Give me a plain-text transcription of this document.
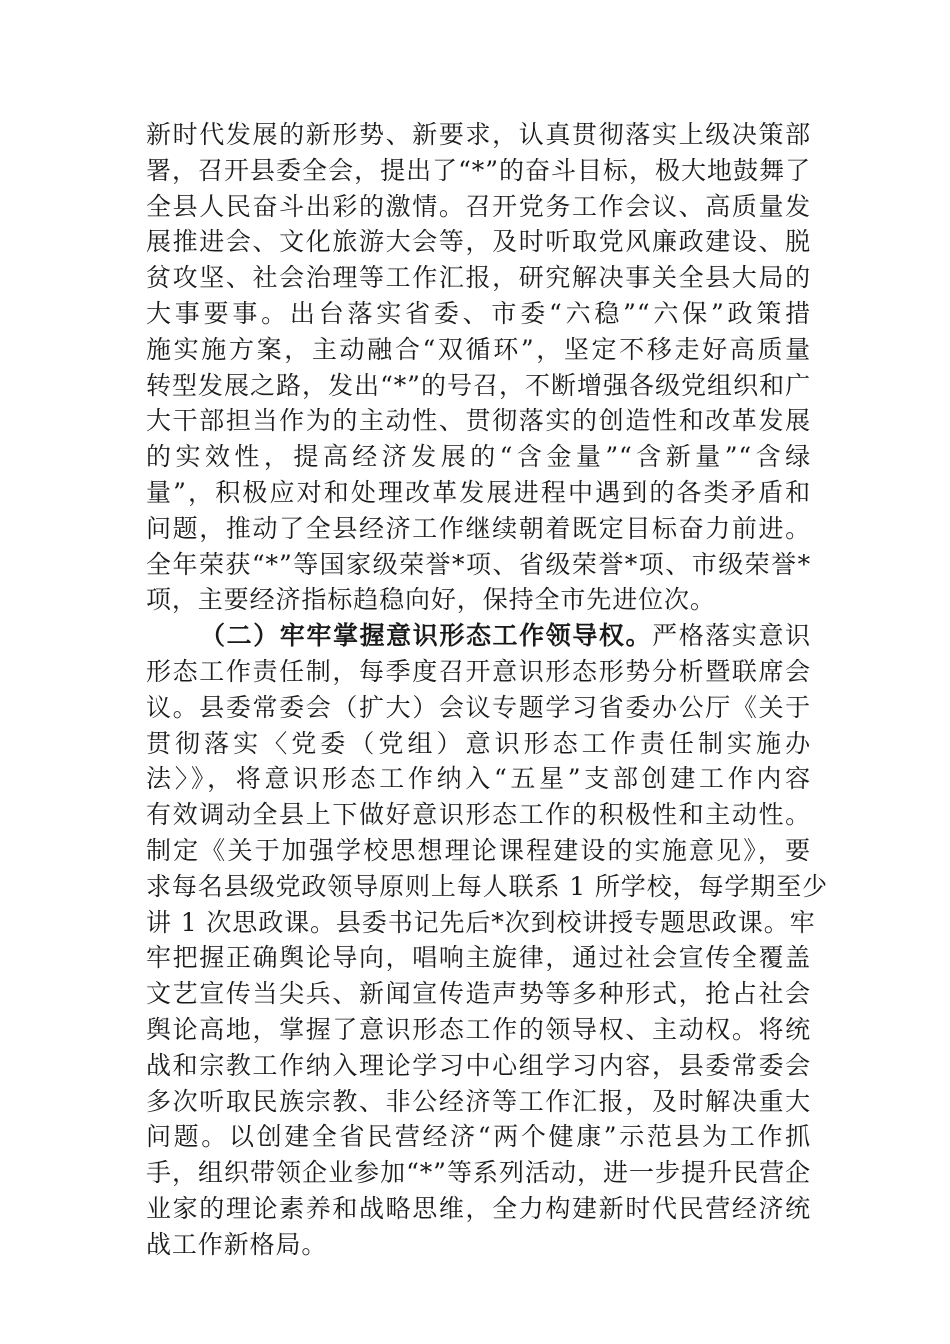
新时代发展的新形势、新要求，认真贯彻落实上级决策部
署，召开县委全会，提出了“*”的奋斗目标，极大地鼓舞了
全县人民奋斗出彩的激情。召开党务工作会议、高质量发
展推进会、文化旅游大会等，及时听取党风廉政建设、脱
贫攻坚、社会治理等工作汇报，研究解决事关全县大局的
大事要事。出台落实省委、市委“六稳”“六保”政策措
施实施方案，主动融合“双循环”，坚定不移走好高质量
转型发展之路，发出“*”的号召，不断增强各级党组织和广
大干部担当作为的主动性、贯彻落实的创造性和改革发展
的实效性，提高经济发展的“含金量”“含新量”“含绿
量”，积极应对和处理改革发展进程中遇到的各类矛盾和
问题，推动了全县经济工作继续朝着既定目标奋力前进。
全年荣获“*”等国家级荣誉*项、省级荣誉*项、市级荣誉*
项，主要经济指标趋稳向好，保持全市先进位次。
（二）牢牢掌握意识形态工作领导权。严格落实意识
形态工作责任制，每季度召开意识形态形势分析暨联席会
议。县委常委会（扩大）会议专题学习省委办公厅《关于
贯彻落实〈党委（党组）意识形态工作责任制实施办
法〉》，将意识形态工作纳入“五星”支部创建工作内容
有效调动全县上下做好意识形态工作的积极性和主动性。
制定《关于加强学校思想理论课程建设的实施意见》，要
求每名县级党政领导原则上每人联系 1 所学校，每学期至少
讲 1 次思政课。县委书记先后*次到校讲授专题思政课。牢
牢把握正确舆论导向，唱响主旋律，通过社会宣传全覆盖
文艺宣传当尖兵、新闻宣传造声势等多种形式，抢占社会
舆论高地，掌握了意识形态工作的领导权、主动权。将统
战和宗教工作纳入理论学习中心组学习内容，县委常委会
多次听取民族宗教、非公经济等工作汇报，及时解决重大
问题。以创建全省民营经济“两个健康”示范县为工作抓
手，组织带领企业参加“*”等系列活动，进一步提升民营企
业家的理论素养和战略思维，全力构建新时代民营经济统
战工作新格局。
